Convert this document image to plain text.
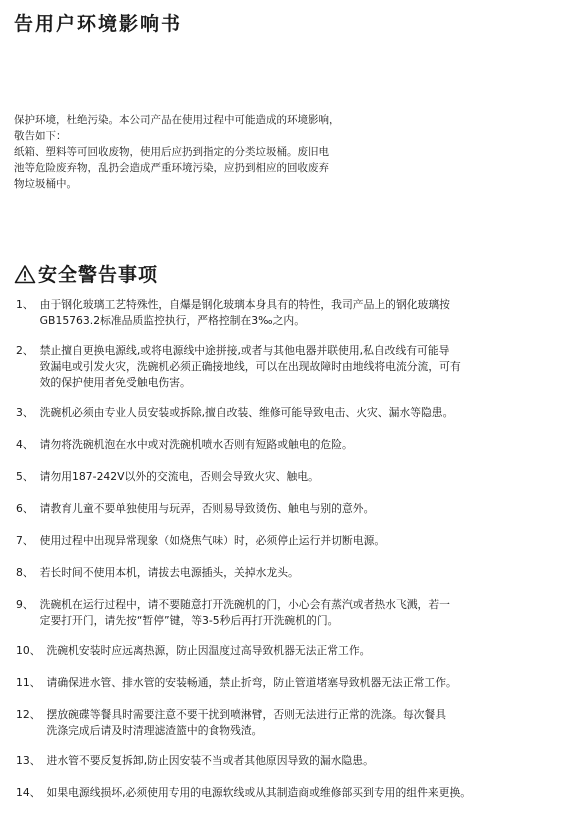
告用户环境影响书
保护环境，杜绝污染。本公司产品在使用过程中可能造成的环境影响，
敬告如下：
纸箱、塑料等可回收废物，使用后应扔到指定的分类垃圾桶。废旧电
池等危险废弃物，乱扔会造成严重环境污染，应扔到相应的回收废弃
物垃圾桶中。
安全警告事项
1、 由于钢化玻璃工艺特殊性，自爆是钢化玻璃本身具有的特性，我司产品上的钢化玻璃按
GB15763.2标准品质监控执行，严格控制在3‰之内。
2、 禁止擅自更换电源线,或将电源线中途拼接,或者与其他电器并联使用,私自改线有可能导
致漏电或引发火灾，洗碗机必须正确接地线，可以在出现故障时由地线将电流分流，可有
效的保护使用者免受触电伤害。
3、 洗碗机必须由专业人员安装或拆除,擅自改装、维修可能导致电击、火灾、漏水等隐患。
4、 请勿将洗碗机泡在水中或对洗碗机喷水否则有短路或触电的危险。
5、 请勿用187-242V以外的交流电，否则会导致火灾、触电。
6、 请教育儿童不要单独使用与玩弄，否则易导致烫伤、触电与别的意外。
7、 使用过程中出现异常现象（如烧焦气味）时，必须停止运行并切断电源。
8、 若长时间不使用本机，请拔去电源插头，关掉水龙头。
9、 洗碗机在运行过程中，请不要随意打开洗碗机的门，小心会有蒸汽或者热水飞溅，若一
定要打开门，请先按“暂停”键，等3-5秒后再打开洗碗机的门。
10、 洗碗机安装时应远离热源，防止因温度过高导致机器无法正常工作。
11、 请确保进水管、排水管的安装畅通，禁止折弯，防止管道堵塞导致机器无法正常工作。
12、 摆放碗碟等餐具时需要注意不要干扰到喷淋臂，否则无法进行正常的洗涤。每次餐具
洗涤完成后请及时清理滤渣篮中的食物残渣。
13、 进水管不要反复拆卸,防止因安装不当或者其他原因导致的漏水隐患。
14、 如果电源线损坏,必须使用专用的电源软线或从其制造商或维修部买到专用的组件来更换。
